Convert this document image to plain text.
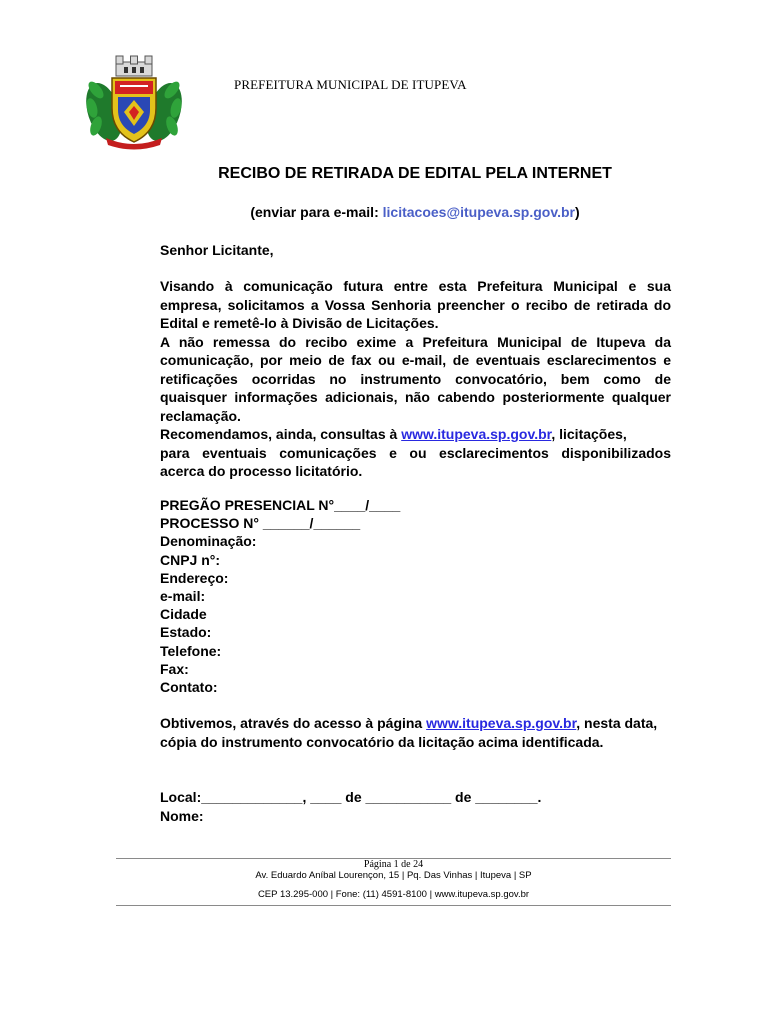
PREFEITURA MUNICIPAL DE ITUPEVA
RECIBO DE RETIRADA DE EDITAL PELA INTERNET
(enviar para e-mail: licitacoes@itupeva.sp.gov.br)
Senhor Licitante,
Visando à comunicação futura entre esta Prefeitura Municipal e sua
empresa, solicitamos a Vossa Senhoria preencher o recibo de retirada do
Edital e remetê-lo à Divisão de Licitações.
A não remessa do recibo exime a Prefeitura Municipal de Itupeva da
comunicação, por meio de fax ou e-mail, de eventuais esclarecimentos e
retificações ocorridas no instrumento convocatório, bem como de
quaisquer informações adicionais, não cabendo posteriormente qualquer
reclamação.
Recomendamos, ainda, consultas à www.itupeva.sp.gov.br, licitações,
para eventuais comunicações e ou esclarecimentos disponibilizados
acerca do processo licitatório.
PREGÃO PRESENCIAL N°____/____
PROCESSO N° ______/______
Denominação:
CNPJ n°:
Endereço:
e-mail:
Cidade
Estado:
Telefone:
Fax:
Contato:
Obtivemos, através do acesso à página www.itupeva.sp.gov.br, nesta data,
cópia do instrumento convocatório da licitação acima identificada.
Local:_____________, ____ de ___________ de ________.
Nome:
Página 1 de 24
Av. Eduardo Aníbal Lourençon, 15 | Pq. Das Vinhas | Itupeva | SP
CEP 13.295-000 | Fone: (11) 4591-8100 | www.itupeva.sp.gov.br
